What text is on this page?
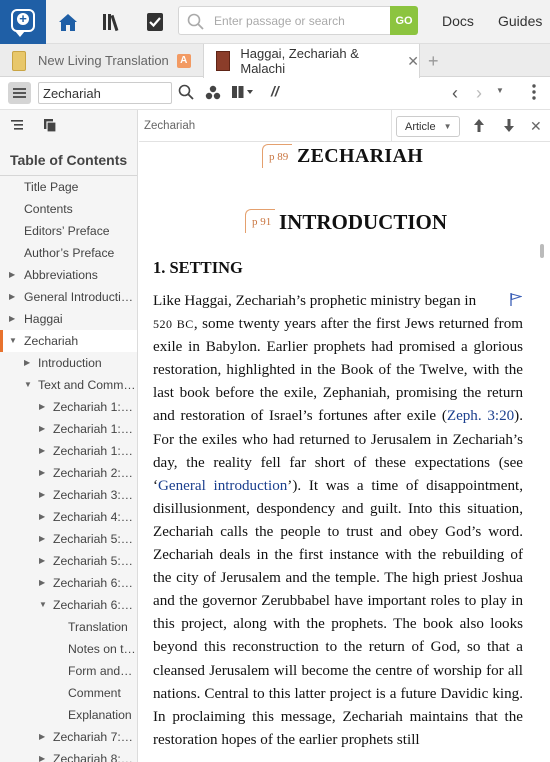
+
Enter passage or search	GO	Docs Guides
New Living Translation	A	Haggai, Zechariah & Malachi	✕ +
Zechariah
//	‹ › ▼
Table of Contents
Title Page
Contents
Editors’ Preface
Author’s Preface
▶ Abbreviations
▶ General Introducti…
▶ Haggai
▼ Zechariah
▶ Introduction
▼ Text and Comm…
▶ Zechariah 1:…
▶ Zechariah 1:…
▶ Zechariah 1:…
▶ Zechariah 2:…
▶ Zechariah 3:…
▶ Zechariah 4:…
▶ Zechariah 5:…
▶ Zechariah 5:…
▶ Zechariah 6:…
▼ Zechariah 6:…
Translation
Notes on t…
Form and…
Comment
Explanation
▶ Zechariah 7:…
▶ Zechariah 8:…
Zechariah	Article ▼	✕
p 89 ZECHARIAH
p 91 INTRODUCTION
1. SETTING
Like Haggai, Zechariah’s prophetic ministry began in
520 BC, some twenty years after the first Jews returned from exile in Babylon. Earlier prophets had promised a glorious restoration, highlighted in the Book of the Twelve, with the last book before the exile, Zephaniah, promising the return and restoration of Israel’s fortunes after exile (Zeph. 3:20). For the exiles who had returned to Jerusalem in Zechariah’s day, the reality fell far short of these expectations (see ‘General introduction’). It was a time of disappointment, disillusionment, despondency and guilt. Into this situation, Zechariah calls the people to trust and obey God’s word. Zechariah deals in the first instance with the rebuilding of the city of Jerusalem and the temple. The high priest Joshua and the governor Zerubbabel have important roles to play in this project, along with the prophets. The book also looks beyond this reconstruction to the return of God, so that a cleansed Jerusalem will become the centre of worship for all nations. Central to this latter project is a future Davidic king. In proclaiming this message, Zechariah maintains that the restoration hopes of the earlier prophets still
